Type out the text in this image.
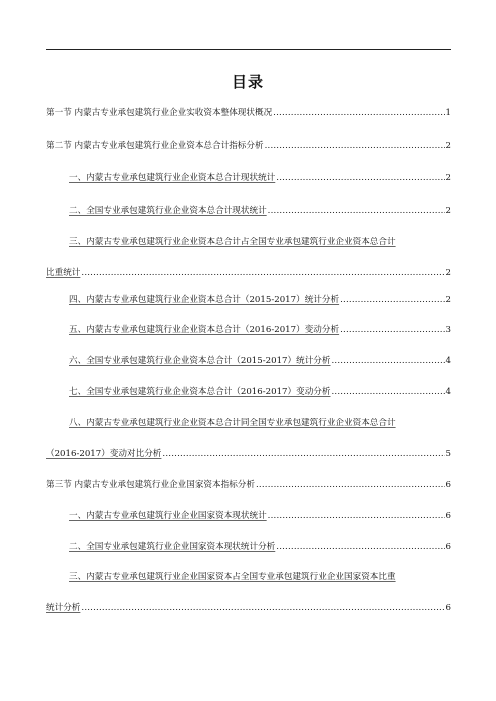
目录
第一节 内蒙古专业承包建筑行业企业实收资本整体现状概况 .....	1
第二节 内蒙古专业承包建筑行业企业资本总合计指标分析 .....	2
一、内蒙古专业承包建筑行业企业资本总合计现状统计 .....	2
二、全国专业承包建筑行业企业资本总合计现状统计 .....	2
三、内蒙古专业承包建筑行业企业资本总合计占全国专业承包建筑行业企业资本总合计
比重统计 .....	2
四、内蒙古专业承包建筑行业企业资本总合计（2015-2017）统计分析 .....	2
五、内蒙古专业承包建筑行业企业资本总合计（2016-2017）变动分析 .....	3
六、全国专业承包建筑行业企业资本总合计（2015-2017）统计分析 .....	4
七、全国专业承包建筑行业企业资本总合计（2016-2017）变动分析 .....	4
八、内蒙古专业承包建筑行业企业资本总合计同全国专业承包建筑行业企业资本总合计
（2016-2017）变动对比分析 .....	5
第三节 内蒙古专业承包建筑行业企业国家资本指标分析 .....	6
一、内蒙古专业承包建筑行业企业国家资本现状统计 .....	6
二、全国专业承包建筑行业企业国家资本现状统计分析 .....	6
三、内蒙古专业承包建筑行业企业国家资本占全国专业承包建筑行业企业国家资本比重
统计分析 .....	6
